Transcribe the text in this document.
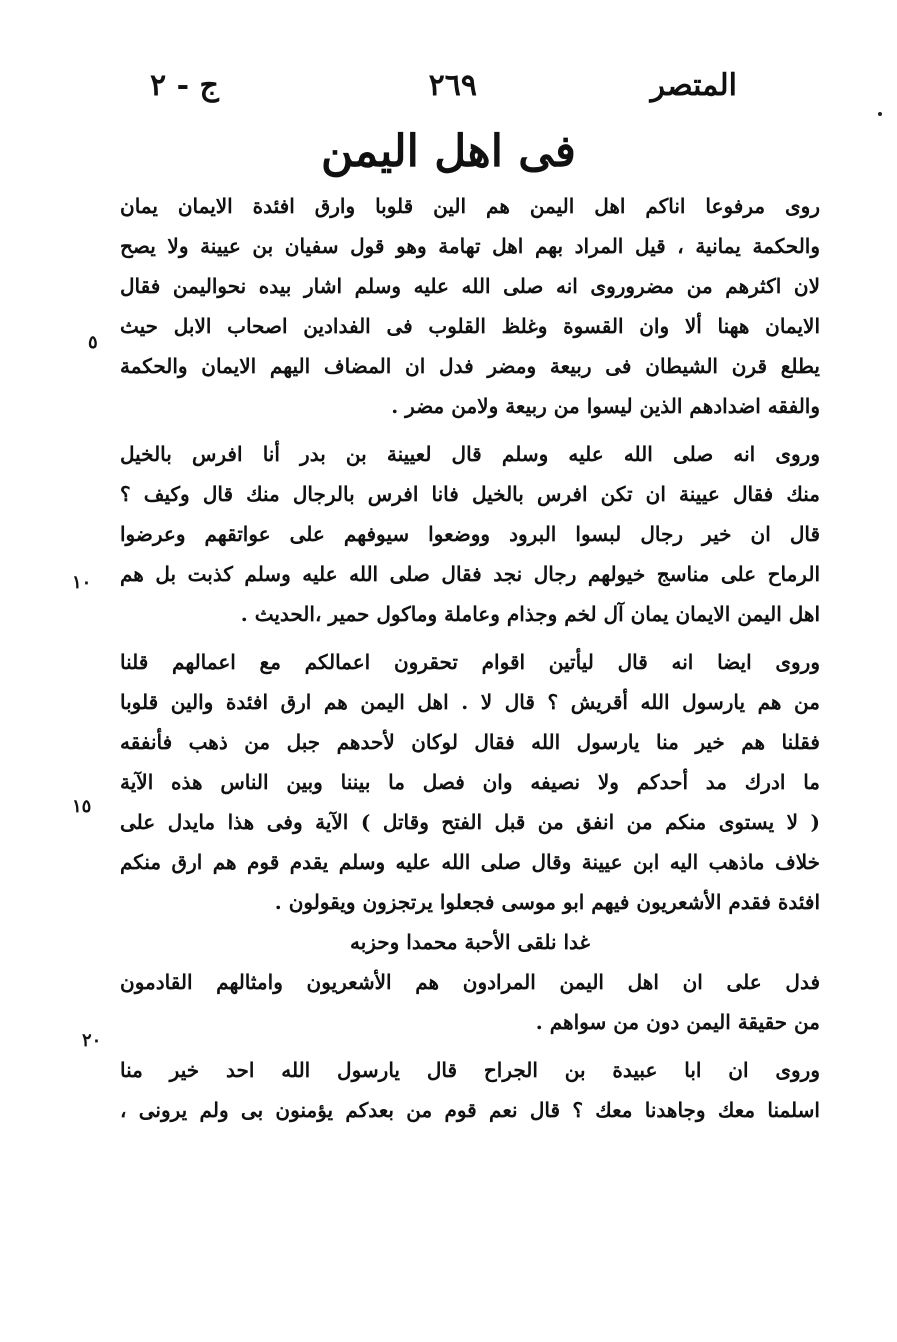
المتصر
٢٦٩
ج - ٢
فى اهل اليمن
روى مرفوعا اناكم اهل اليمن هم الين قلوبا وارق افئدة الايمان يمان
والحكمة يمانية ، قيل المراد بهم اهل تهامة وهو قول سفيان بن عيينة ولا يصح
لان اكثرهم من مضروروى انه صلى الله عليه وسلم اشار بيده نحواليمن فقال
الايمان ههنا ألا وان القسوة وغلظ القلوب فى الفدادين اصحاب الابل حيث
يطلع قرن الشيطان فى ربيعة ومضر فدل ان المضاف اليهم الايمان والحكمة
والفقه اضدادهم الذين ليسوا من ربيعة ولامن مضر .
وروى انه صلى الله عليه وسلم قال لعيينة بن بدر أنا افرس بالخيل
منك فقال عيينة ان تكن افرس بالخيل فانا افرس بالرجال منك قال وكيف ؟
قال ان خير رجال لبسوا البرود ووضعوا سيوفهم على عواتقهم وعرضوا
الرماح على مناسج خيولهم رجال نجد فقال صلى الله عليه وسلم كذبت بل هم
اهل اليمن الايمان يمان آل لخم وجذام وعاملة وماكول حمير ،الحديث .
وروى ايضا انه قال ليأتين اقوام تحقرون اعمالكم مع اعمالهم قلنا
من هم يارسول الله أقريش ؟ قال لا . اهل اليمن هم ارق افئدة والين قلوبا
فقلنا هم خير منا يارسول الله فقال لوكان لأحدهم جبل من ذهب فأنفقه
ما ادرك مد أحدكم ولا نصيفه وان فصل ما بيننا وبين الناس هذه الآية
( لا يستوى منكم من انفق من قبل الفتح وقاتل ) الآية وفى هذا مايدل على
خلاف ماذهب اليه ابن عيينة وقال صلى الله عليه وسلم يقدم قوم هم ارق منكم
افئدة فقدم الأشعريون فيهم ابو موسى فجعلوا يرتجزون ويقولون .
غدا نلقى الأحبة محمدا وحزبه
فدل على ان اهل اليمن المرادون هم الأشعريون وامثالهم القادمون
من حقيقة اليمن دون من سواهم .
وروى ان ابا عبيدة بن الجراح قال يارسول الله احد خير منا
اسلمنا معك وجاهدنا معك ؟ قال نعم قوم من بعدكم يؤمنون بى ولم يرونى ،
٥
١٠
١٥
٢٠
